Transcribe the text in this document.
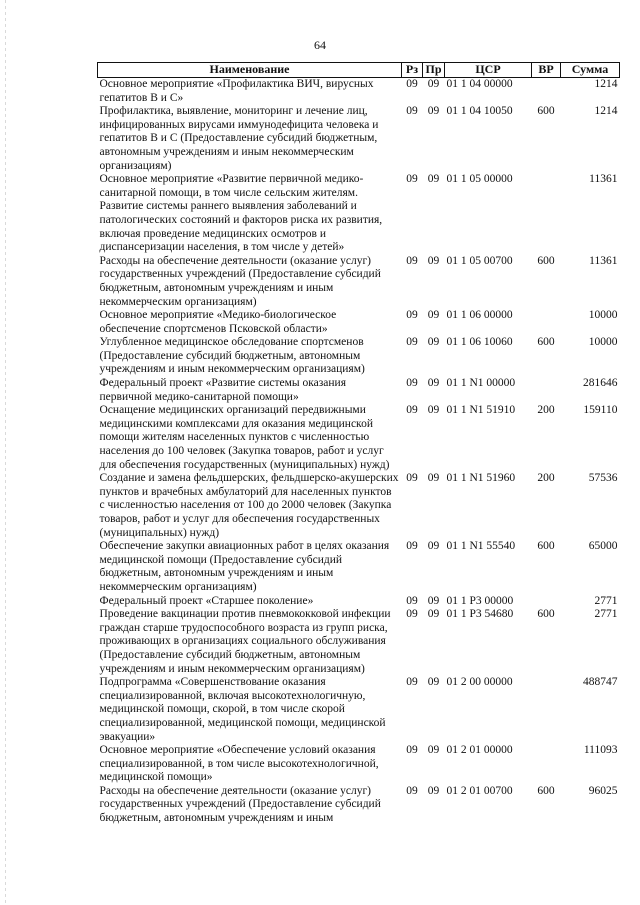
64
Наименование	Рз	Пр	ЦСР	ВР	Сумма
Основное мероприятие «Профилактика ВИЧ, вирусных гепатитов В и С»	09	09	01 1 04 00000		1214
Профилактика, выявление, мониторинг и лечение лиц, инфицированных вирусами иммунодефицита человека и гепатитов В и С (Предоставление субсидий бюджетным, автономным учреждениям и иным некоммерческим организациям)	09	09	01 1 04 10050	600	1214
Основное мероприятие «Развитие первичной медико-санитарной помощи, в том числе сельским жителям. Развитие системы раннего выявления заболеваний и патологических состояний и факторов риска их развития, включая проведение медицинских осмотров и диспансеризации населения, в том числе у детей»	09	09	01 1 05 00000		11361
Расходы на обеспечение деятельности (оказание услуг) государственных учреждений (Предоставление субсидий бюджетным, автономным учреждениям и иным некоммерческим организациям)	09	09	01 1 05 00700	600	11361
Основное мероприятие «Медико-биологическое обеспечение спортсменов Псковской области»	09	09	01 1 06 00000		10000
Углубленное медицинское обследование спортсменов (Предоставление субсидий бюджетным, автономным учреждениям и иным некоммерческим организациям)	09	09	01 1 06 10060	600	10000
Федеральный проект «Развитие системы оказания первичной медико-санитарной помощи»	09	09	01 1 N1 00000		281646
Оснащение медицинских организаций передвижными медицинскими комплексами для оказания медицинской помощи жителям населенных пунктов с численностью населения до 100 человек (Закупка товаров, работ и услуг для обеспечения государственных (муниципальных) нужд)	09	09	01 1 N1 51910	200	159110
Создание и замена фельдшерских, фельдшерско-акушерских пунктов и врачебных амбулаторий для населенных пунктов с численностью населения от 100 до 2000 человек (Закупка товаров, работ и услуг для обеспечения государственных (муниципальных) нужд)	09	09	01 1 N1 51960	200	57536
Обеспечение закупки авиационных работ в целях оказания медицинской помощи (Предоставление субсидий бюджетным, автономным учреждениям и иным некоммерческим организациям)	09	09	01 1 N1 55540	600	65000
Федеральный проект «Старшее поколение»	09	09	01 1 P3 00000		2771
Проведение вакцинации против пневмококковой инфекции граждан старше трудоспособного возраста из групп риска, проживающих в организациях социального обслуживания (Предоставление субсидий бюджетным, автономным учреждениям и иным некоммерческим организациям)	09	09	01 1 P3 54680	600	2771
Подпрограмма «Совершенствование оказания специализированной, включая высокотехнологичную, медицинской помощи, скорой, в том числе скорой специализированной, медицинской помощи, медицинской эвакуации»	09	09	01 2 00 00000		488747
Основное мероприятие «Обеспечение условий оказания специализированной, в том числе высокотехнологичной, медицинской помощи»	09	09	01 2 01 00000		111093
Расходы на обеспечение деятельности (оказание услуг) государственных учреждений (Предоставление субсидий бюджетным, автономным учреждениям и иным	09	09	01 2 01 00700	600	96025
